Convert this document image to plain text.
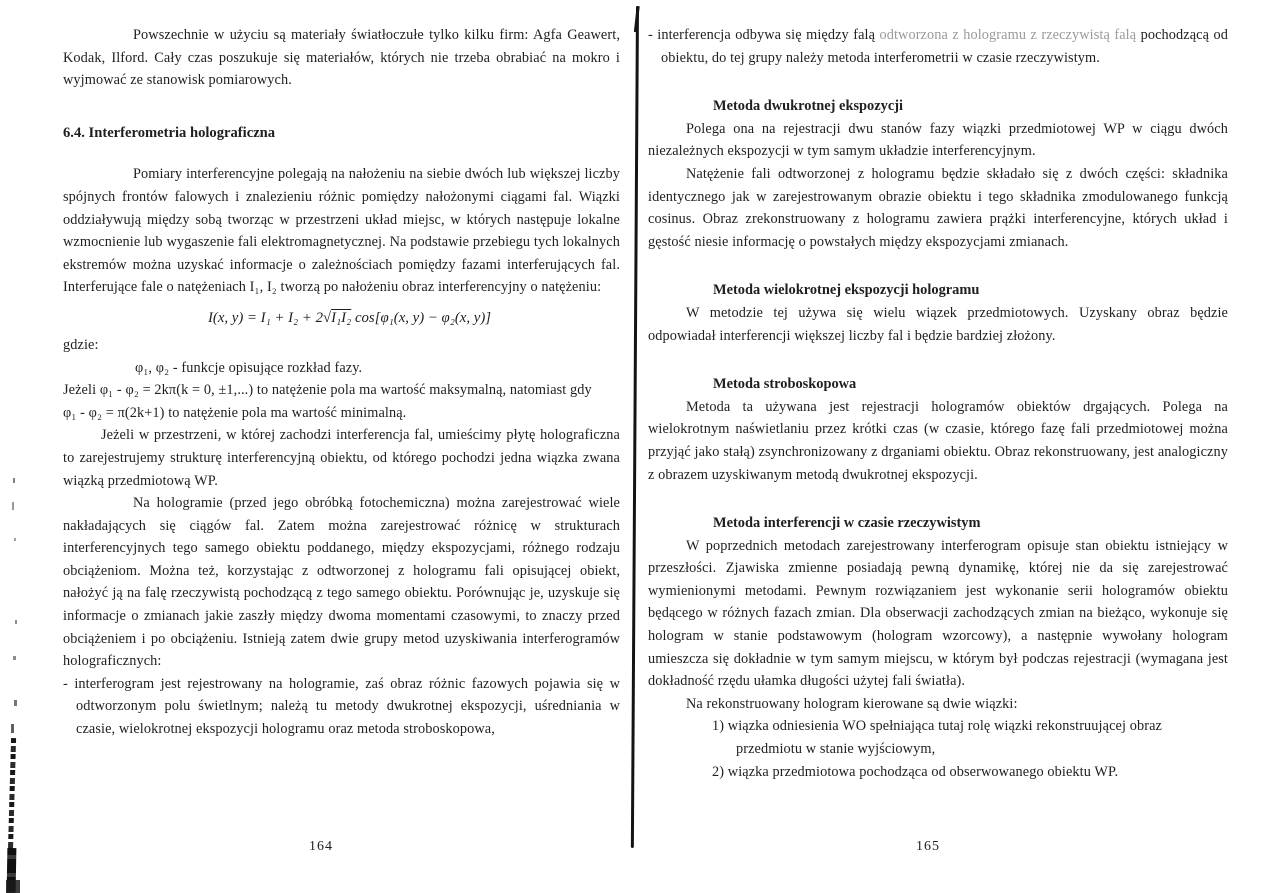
Powszechnie w użyciu są materiały światłoczułe tylko kilku firm: Agfa Geawert, Kodak, Ilford. Cały czas poszukuje się materiałów, których nie trzeba obrabiać na mokro i wyjmować ze stanowisk pomiarowych.

6.4. Interferometria holograficzna

Pomiary interferencyjne polegają na nałożeniu na siebie dwóch lub większej liczby spójnych frontów falowych i znalezieniu różnic pomiędzy nałożonymi ciągami fal. Wiązki oddziaływują między sobą tworząc w przestrzeni układ miejsc, w których następuje lokalne wzmocnienie lub wygaszenie fali elektromagnetycznej. Na podstawie przebiegu tych lokalnych ekstremów można uzyskać informacje o zależnościach pomiędzy fazami interferujących fal. Interferujące fale o natężeniach I₁, I₂ tworzą po nałożeniu obraz interferencyjny o natężeniu:

I(x, y) = I₁ + I₂ + 2√I₁I₂ cos[φ₁(x, y) − φ₂(x, y)]

gdzie:

φ₁, φ₂ - funkcje opisujące rozkład fazy.

Jeżeli φ₁ - φ₂ = 2kπ(k = 0, ±1,...) to natężenie pola ma wartość maksymalną, natomiast gdy

φ₁ - φ₂ = π(2k+1) to natężenie pola ma wartość minimalną.

Jeżeli w przestrzeni, w której zachodzi interferencja fal, umieścimy płytę holograficzna to zarejestrujemy strukturę interferencyjną obiektu, od którego pochodzi jedna wiązka zwana wiązką przedmiotową WP.

Na hologramie (przed jego obróbką fotochemiczna) można zarejestrować wiele nakładających się ciągów fal. Zatem można zarejestrować różnicę w strukturach interferencyjnych tego samego obiektu poddanego, między ekspozycjami, różnego rodzaju obciążeniom. Można też, korzystając z odtworzonej z hologramu fali opisującej obiekt, nałożyć ją na falę rzeczywistą pochodzącą z tego samego obiektu. Porównując je, uzyskuje się informacje o zmianach jakie zaszły między dwoma momentami czasowymi, to znaczy przed obciążeniem i po obciążeniu. Istnieją zatem dwie grupy metod uzyskiwania interferogramów holograficznych:

- interferogram jest rejestrowany na hologramie, zaś obraz różnic fazowych pojawia się w odtworzonym polu świetlnym; należą tu metody dwukrotnej ekspozycji, uśredniania w czasie, wielokrotnej ekspozycji hologramu oraz metoda stroboskopowa,

164

- interferencja odbywa się między falą odtworzona z hologramu z rzeczywistą falą pochodzącą od obiektu, do tej grupy należy metoda interferometrii w czasie rzeczywistym.

Metoda dwukrotnej ekspozycji

Polega ona na rejestracji dwu stanów fazy wiązki przedmiotowej WP w ciągu dwóch niezależnych ekspozycji w tym samym układzie interferencyjnym.

Natężenie fali odtworzonej z hologramu będzie składało się z dwóch części: składnika identycznego jak w zarejestrowanym obrazie obiektu i tego składnika zmodulowanego funkcją cosinus. Obraz zrekonstruowany z hologramu zawiera prążki interferencyjne, których układ i gęstość niesie informację o powstałych między ekspozycjami zmianach.

Metoda wielokrotnej ekspozycji hologramu

W metodzie tej używa się wielu wiązek przedmiotowych. Uzyskany obraz będzie odpowiadał interferencji większej liczby fal i będzie bardziej złożony.

Metoda stroboskopowa

Metoda ta używana jest rejestracji hologramów obiektów drgających. Polega na wielokrotnym naświetlaniu przez krótki czas (w czasie, którego fazę fali przedmiotowej można przyjąć jako stałą) zsynchronizowany z drganiami obiektu. Obraz rekonstruowany, jest analogiczny z obrazem uzyskiwanym metodą dwukrotnej ekspozycji.

Metoda interferencji w czasie rzeczywistym

W poprzednich metodach zarejestrowany interferogram opisuje stan obiektu istniejący w przeszłości. Zjawiska zmienne posiadają pewną dynamikę, której nie da się zarejestrować wymienionymi metodami. Pewnym rozwiązaniem jest wykonanie serii hologramów obiektu będącego w różnych fazach zmian. Dla obserwacji zachodzących zmian na bieżąco, wykonuje się hologram w stanie podstawowym (hologram wzorcowy), a następnie wywołany hologram umieszcza się dokładnie w tym samym miejscu, w którym był podczas rejestracji (wymagana jest dokładność rzędu ułamka długości użytej fali światła).

Na rekonstruowany hologram kierowane są dwie wiązki:

1) wiązka odniesienia WO spełniająca tutaj rolę wiązki rekonstruującej obraz przedmiotu w stanie wyjściowym,

2) wiązka przedmiotowa pochodząca od obserwowanego obiektu WP.

165
